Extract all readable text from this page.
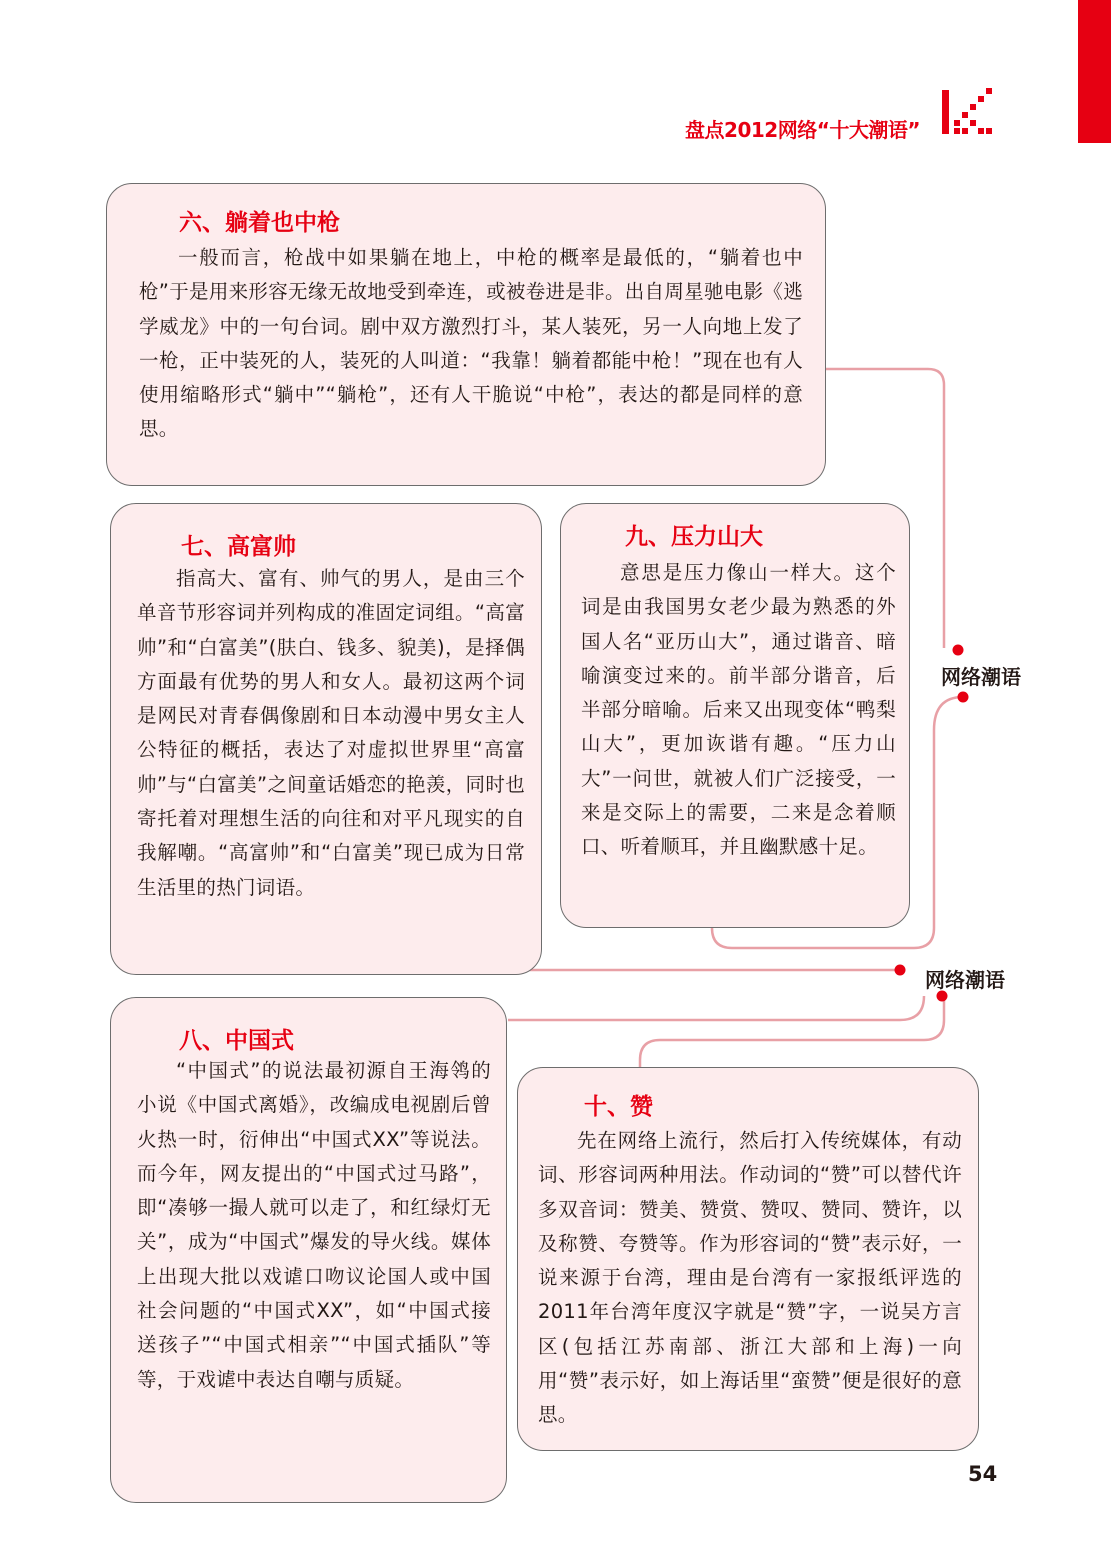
盘点2012网络“十大潮语”
六、躺着也中枪

一般而言，枪战中如果躺在地上，中枪的概率是最低的，“躺着也中枪”于是用来形容无缘无故地受到牵连，或被卷进是非。出自周星驰电影《逃学威龙》中的一句台词。剧中双方激烈打斗，某人装死，另一人向地上发了一枪，正中装死的人，装死的人叫道：“我靠！躺着都能中枪！”现在也有人使用缩略形式“躺中”“躺枪”，还有人干脆说“中枪”，表达的都是同样的意思。

七、高富帅

指高大、富有、帅气的男人，是由三个单音节形容词并列构成的准固定词组。“高富帅”和“白富美”(肤白、钱多、貌美)，是择偶方面最有优势的男人和女人。最初这两个词是网民对青春偶像剧和日本动漫中男女主人公特征的概括，表达了对虚拟世界里“高富帅”与“白富美”之间童话婚恋的艳羡，同时也寄托着对理想生活的向往和对平凡现实的自我解嘲。“高富帅”和“白富美”现已成为日常生活里的热门词语。

九、压力山大

意思是压力像山一样大。这个词是由我国男女老少最为熟悉的外国人名“亚历山大”，通过谐音、暗喻演变过来的。前半部分谐音，后半部分暗喻。后来又出现变体“鸭梨山大”，更加诙谐有趣。“压力山大”一问世，就被人们广泛接受，一来是交际上的需要，二来是念着顺口、听着顺耳，并且幽默感十足。

八、中国式

“中国式”的说法最初源自王海鸰的小说《中国式离婚》，改编成电视剧后曾火热一时，衍伸出“中国式XX”等说法。而今年，网友提出的“中国式过马路”，即“凑够一撮人就可以走了，和红绿灯无关”，成为“中国式”爆发的导火线。媒体上出现大批以戏谑口吻议论国人或中国社会问题的“中国式XX”，如“中国式接送孩子”“中国式相亲”“中国式插队”等等，于戏谑中表达自嘲与质疑。

十、赞

先在网络上流行，然后打入传统媒体，有动词、形容词两种用法。作动词的“赞”可以替代许多双音词：赞美、赞赏、赞叹、赞同、赞许，以及称赞、夸赞等。作为形容词的“赞”表示好，一说来源于台湾，理由是台湾有一家报纸评选的2011年台湾年度汉字就是“赞”字，一说吴方言区(包括江苏南部、浙江大部和上海)一向用“赞”表示好，如上海话里“蛮赞”便是很好的意思。

网络潮语
网络潮语
54
